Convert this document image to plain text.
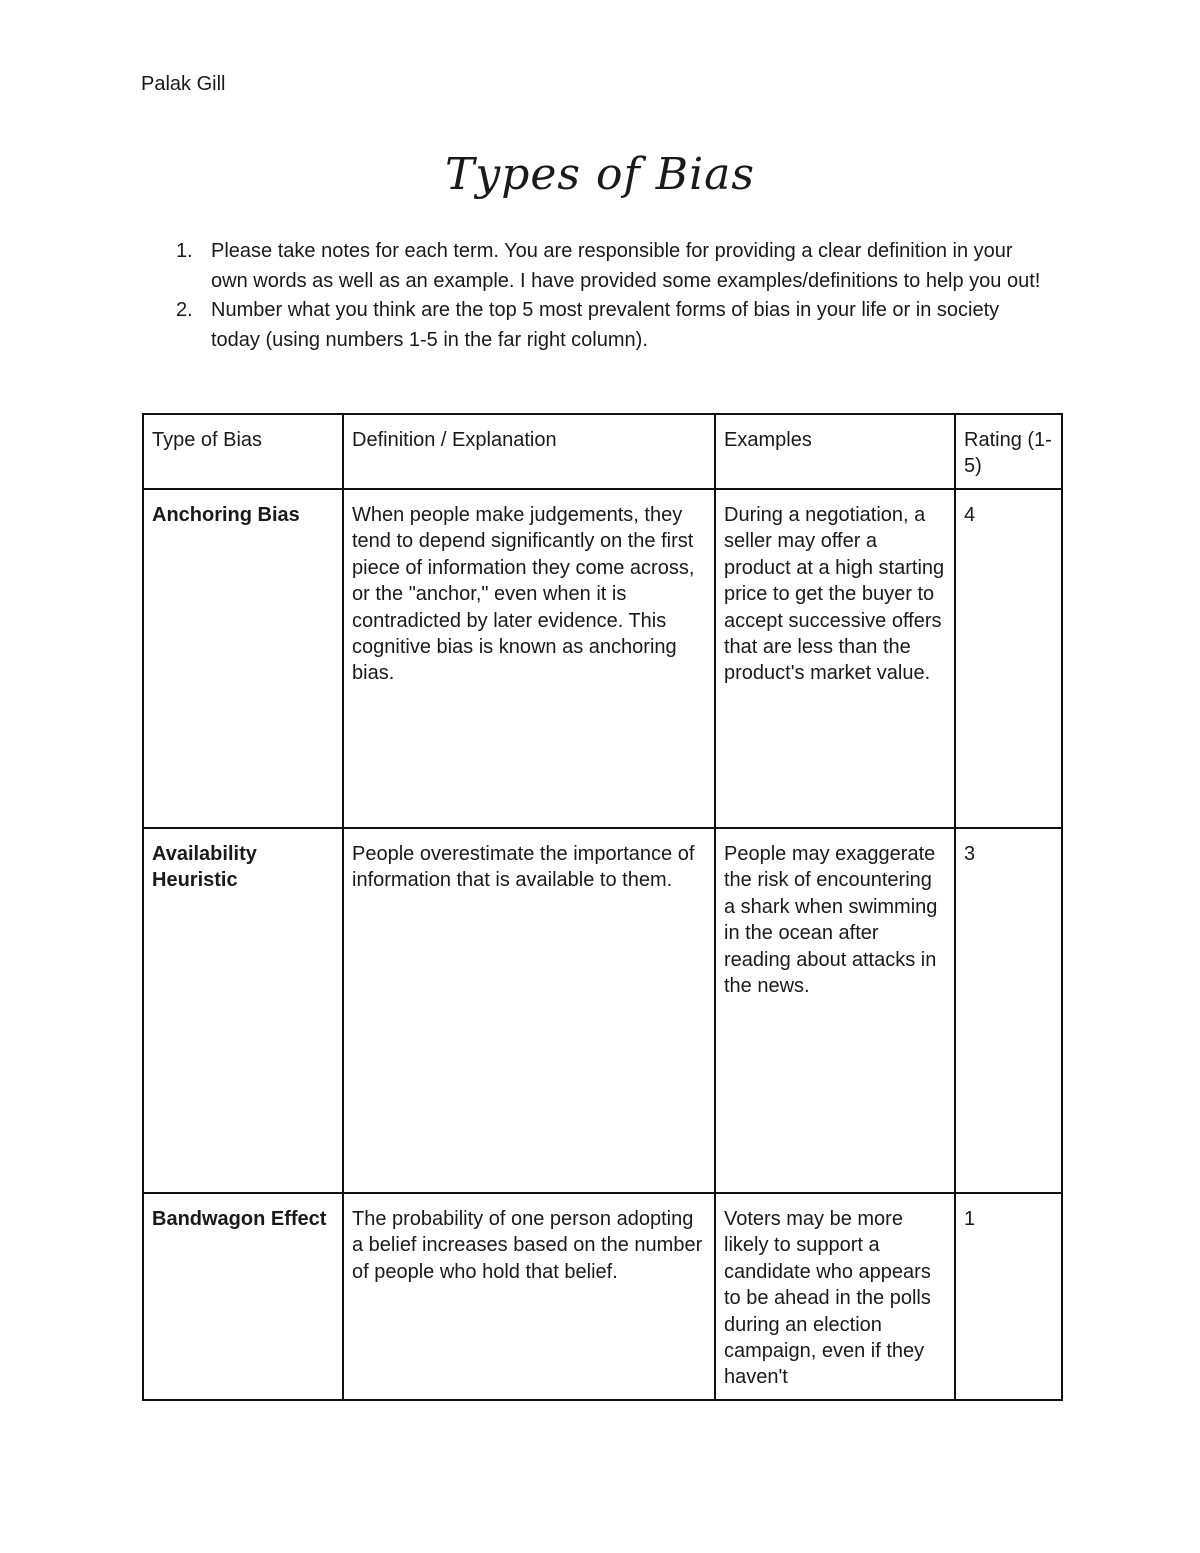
Palak Gill
Types of Bias
1. Please take notes for each term. You are responsible for providing a clear definition in your own words as well as an example. I have provided some examples/definitions to help you out!
2. Number what you think are the top 5 most prevalent forms of bias in your life or in society today (using numbers 1-5 in the far right column).
Type of Bias	Definition / Explanation	Examples	Rating (1-5)
Anchoring Bias	When people make judgements, they tend to depend significantly on the first piece of information they come across, or the "anchor," even when it is contradicted by later evidence. This cognitive bias is known as anchoring bias.	During a negotiation, a seller may offer a product at a high starting price to get the buyer to accept successive offers that are less than the product's market value.	4
Availability Heuristic	People overestimate the importance of information that is available to them.	People may exaggerate the risk of encountering a shark when swimming in the ocean after reading about attacks in the news.	3
Bandwagon Effect	The probability of one person adopting a belief increases based on the number of people who hold that belief.	Voters may be more likely to support a candidate who appears to be ahead in the polls during an election campaign, even if they haven't	1
